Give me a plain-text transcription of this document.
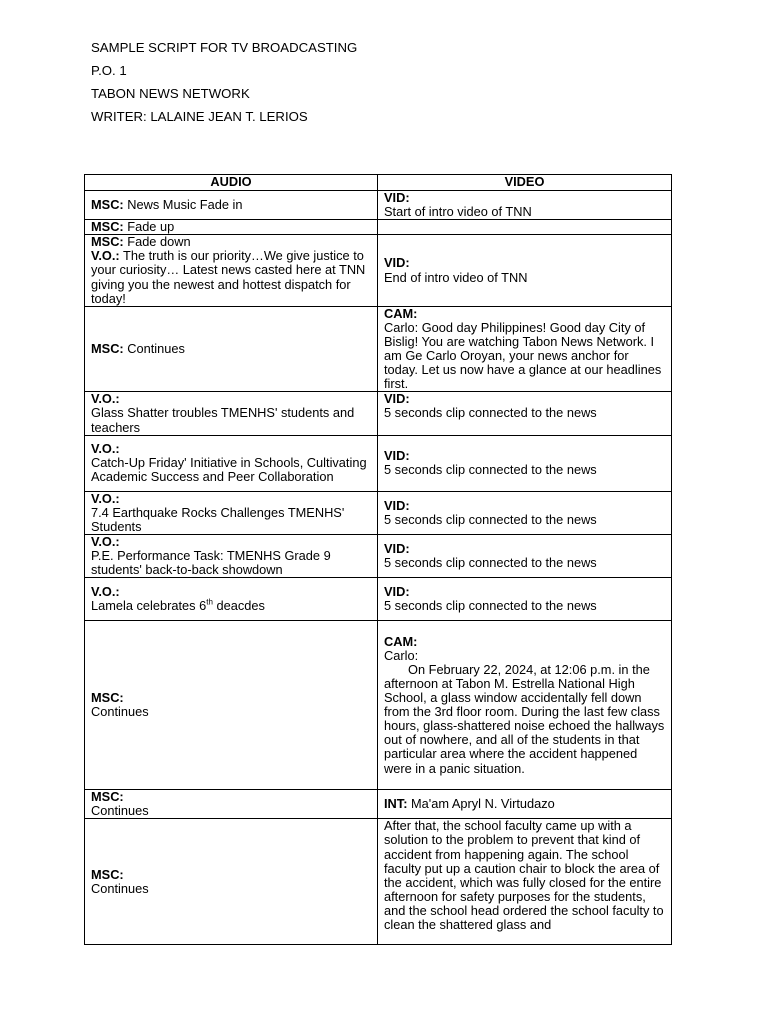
SAMPLE SCRIPT FOR TV BROADCASTING
P.O. 1
TABON NEWS NETWORK
WRITER: LALAINE JEAN T. LERIOS
AUDIO	VIDEO
MSC: News Music Fade in	VID:
Start of intro video of TNN
MSC: Fade up	

MSC: Fade down
V.O.: The truth is our priority…We give justice to your curiosity… Latest news casted here at TNN giving you the newest and hottest dispatch for today!	VID:
End of intro video of TNN
MSC: Continues	CAM:
Carlo: Good day Philippines! Good day City of Bislig! You are watching Tabon News Network. I am Ge Carlo Oroyan, your news anchor for today. Let us now have a glance at our headlines first.

V.O.:
Glass Shatter troubles TMENHS' students and teachers	VID:
5 seconds clip connected to the news

V.O.:
Catch-Up Friday' Initiative in Schools, Cultivating Academic Success and Peer Collaboration	VID:
5 seconds clip connected to the news

V.O.:
7.4 Earthquake Rocks Challenges TMENHS' Students	VID:
5 seconds clip connected to the news

V.O.:
P.E. Performance Task: TMENHS Grade 9 students' back-to-back showdown	VID:
5 seconds clip connected to the news

V.O.:
Lamela celebrates 6th deacdes	VID:
5 seconds clip connected to the news

MSC:
Continues	CAM:
Carlo:
On February 22, 2024, at 12:06 p.m. in the afternoon at Tabon M. Estrella National High School, a glass window accidentally fell down from the 3rd floor room. During the last few class hours, glass-shattered noise echoed the hallways out of nowhere, and all of the students in that particular area where the accident happened were in a panic situation.

MSC:
Continues	INT: Ma'am Apryl N. Virtudazo

MSC:
Continues	After that, the school faculty came up with a solution to the problem to prevent that kind of accident from happening again. The school faculty put up a caution chair to block the area of the accident, which was fully closed for the entire afternoon for safety purposes for the students, and the school head ordered the school faculty to clean the shattered glass and
